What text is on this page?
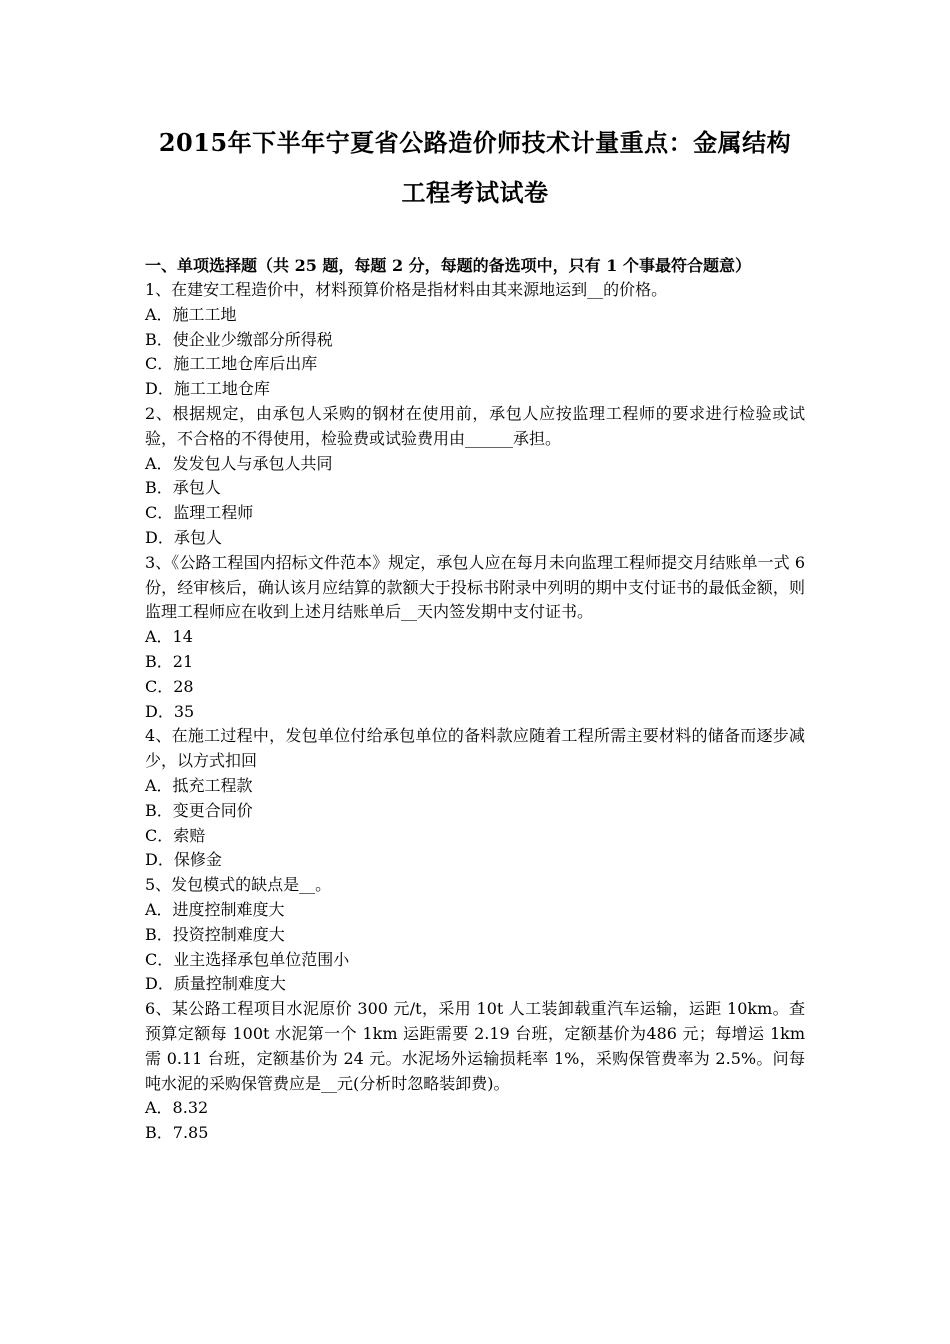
2015年下半年宁夏省公路造价师技术计量重点：金属结构
工程考试试卷
一、单项选择题（共 25 题，每题 2 分，每题的备选项中，只有 1 个事最符合题意）
1、在建安工程造价中，材料预算价格是指材料由其来源地运到__的价格。
A．施工工地
B．使企业少缴部分所得税
C．施工工地仓库后出库
D．施工工地仓库
2、根据规定，由承包人采购的钢材在使用前，承包人应按监理工程师的要求进行检验或试验，不合格的不得使用，检验费或试验费用由______承担。
A．发发包人与承包人共同
B．承包人
C．监理工程师
D．承包人
3、《公路工程国内招标文件范本》规定，承包人应在每月未向监理工程师提交月结账单一式 6 份，经审核后，确认该月应结算的款额大于投标书附录中列明的期中支付证书的最低金额，则监理工程师应在收到上述月结账单后__天内签发期中支付证书。
A．14
B．21
C．28
D．35
4、在施工过程中，发包单位付给承包单位的备料款应随着工程所需主要材料的储备而逐步减少，以方式扣回
A．抵充工程款
B．变更合同价
C．索赔
D．保修金
5、发包模式的缺点是__。
A．进度控制难度大
B．投资控制难度大
C．业主选择承包单位范围小
D．质量控制难度大
6、某公路工程项目水泥原价 300 元/t，采用 10t 人工装卸载重汽车运输，运距 10km。查预算定额每 100t 水泥第一个 1km 运距需要 2.19 台班，定额基价为486 元；每增运 1km 需 0.11 台班，定额基价为 24 元。水泥场外运输损耗率 1%，采购保管费率为 2.5%。问每吨水泥的采购保管费应是__元(分析时忽略装卸费)。
A．8.32
B．7.85
